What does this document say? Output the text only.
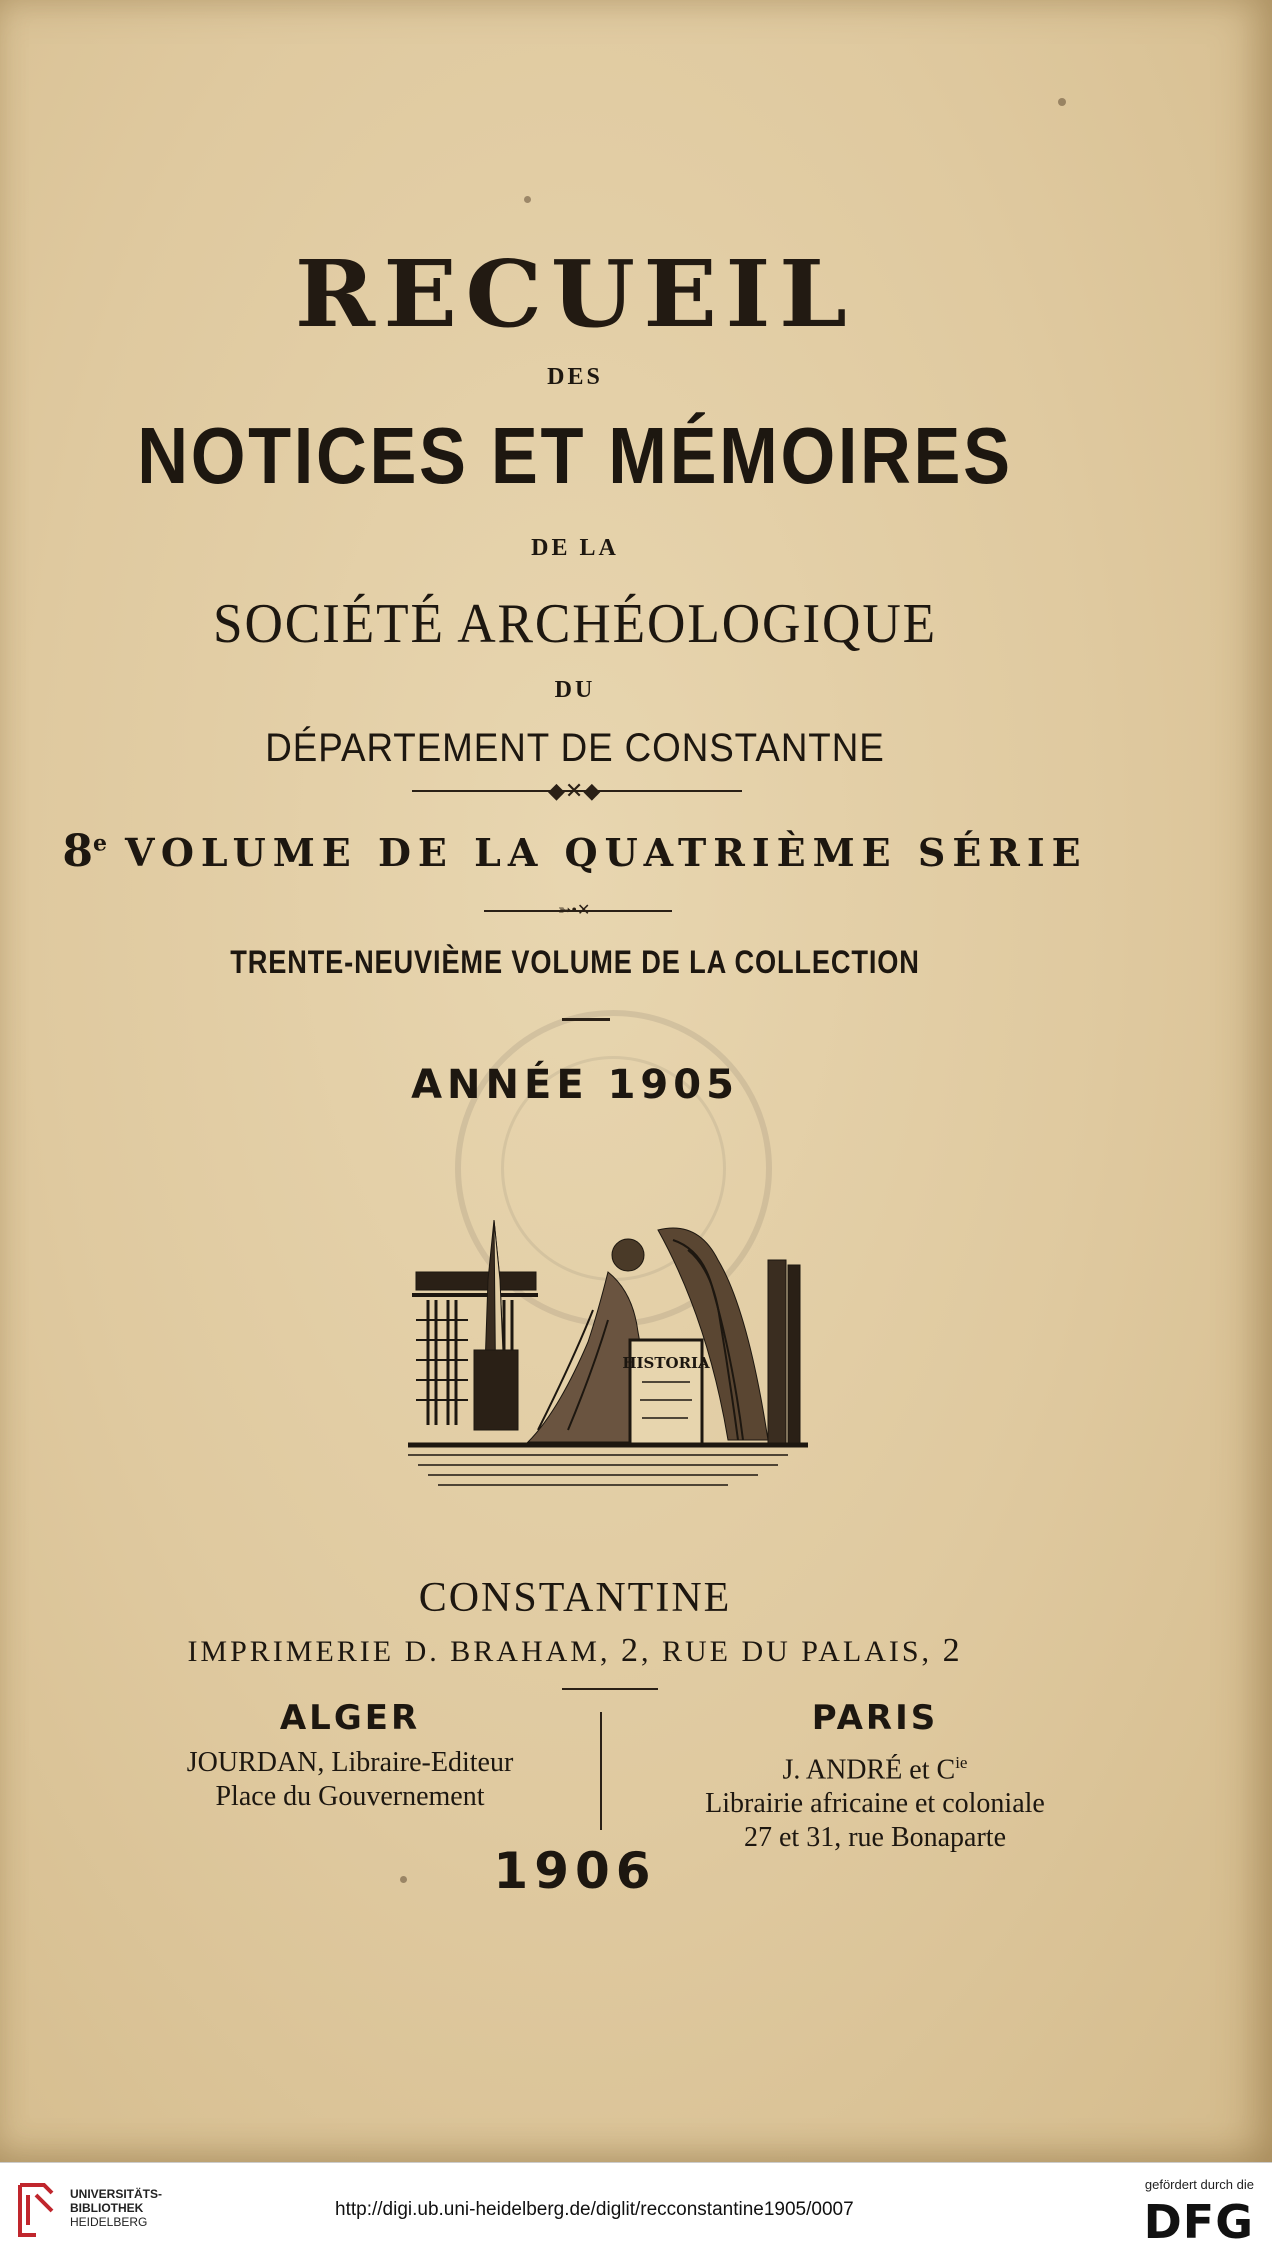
RECUEIL
DES
NOTICES ET MÉMOIRES
DE LA
SOCIÉTÉ ARCHÉOLOGIQUE
DU
DÉPARTEMENT DE CONSTANTNE
◆✕◆
8e VOLUME DE LA QUATRIÈME SÉRIE
➳•✕
TRENTE-NEUVIÈME VOLUME DE LA COLLECTION
ANNÉE 1905
HISTORIA
CONSTANTINE
IMPRIMERIE D. BRAHAM, 2, RUE DU PALAIS, 2
ALGER
JOURDAN, Libraire-Editeur
Place du Gouvernement
PARIS
J. ANDRÉ et $C^{ie}$
Librairie africaine et coloniale
27 et 31, rue Bonaparte
1906
UNIVERSITÄTS-
BIBLIOTHEK
HEIDELBERG
http://digi.ub.uni-heidelberg.de/diglit/recconstantine1905/0007
gefördert durch die
DFG
